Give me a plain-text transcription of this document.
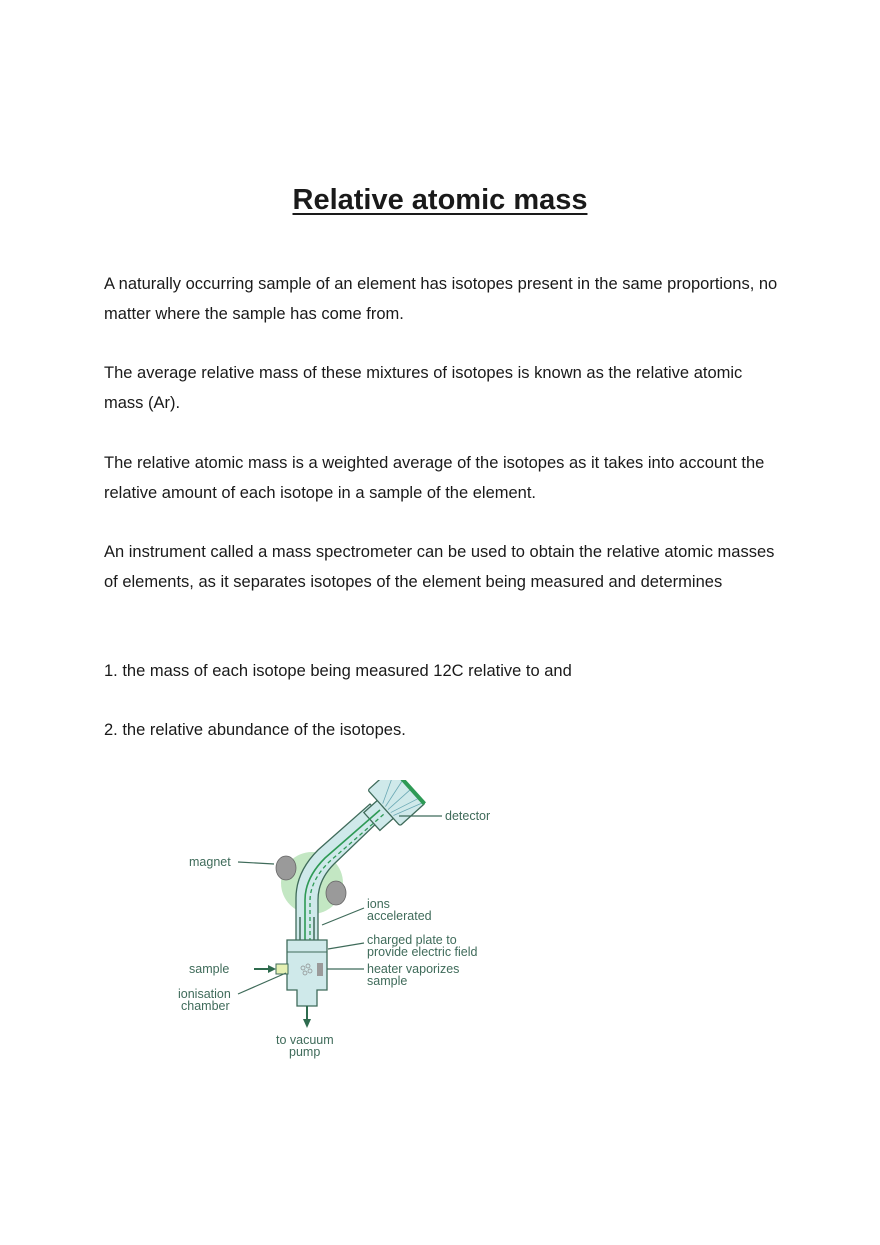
Relative atomic mass

A naturally occurring sample of an element has isotopes present in the same proportions, no matter where the sample has come from.

The average relative mass of these mixtures of isotopes is known as the relative atomic mass (Ar).

The relative atomic mass is a weighted average of the isotopes as it takes into account the relative amount of each isotope in a sample of the element.

An instrument called a mass spectrometer can be used to obtain the relative atomic masses of elements, as it separates isotopes of the element being measured and determines

1. the mass of each isotope being measured 12C relative to and

2. the relative abundance of the isotopes.

detector
magnet
ions
accelerated
charged plate to
provide electric field
sample	heater vaporizes
sample
ionisation
chamber
to vacuum
pump
